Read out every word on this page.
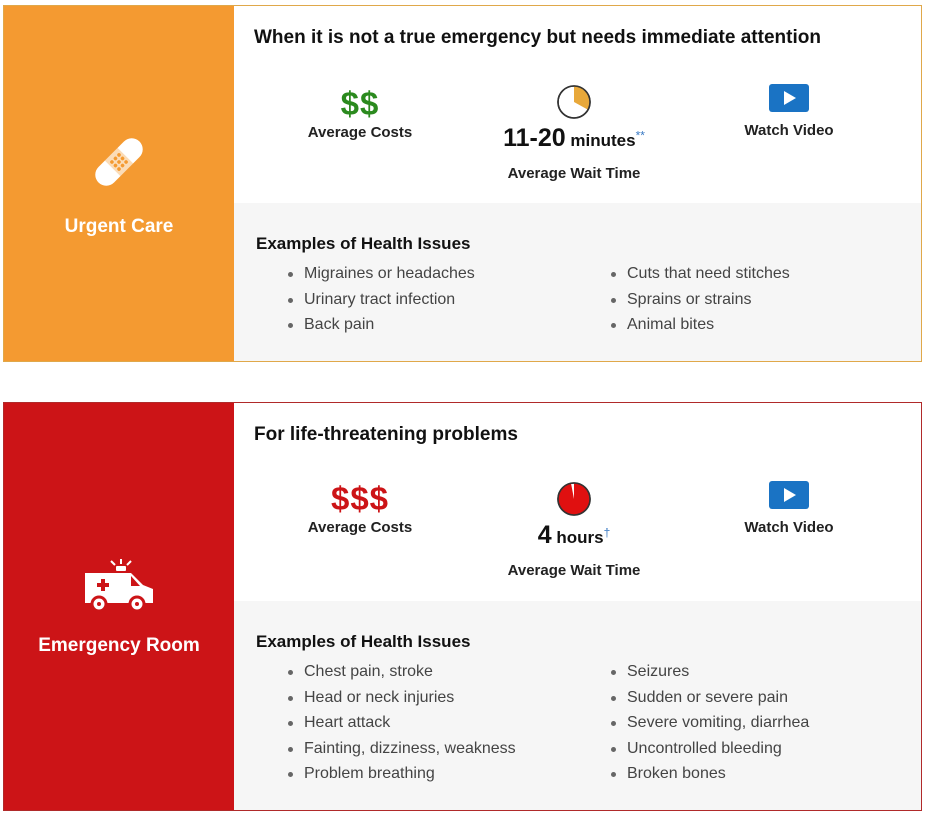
Urgent Care
When it is not a true emergency but needs immediate attention
$$
Average Costs	11-20 minutes**
Average Wait Time
Watch Video
Examples of Health Issues
Migraines or headaches
Urinary tract infection
Back pain
Cuts that need stitches
Sprains or strains
Animal bites
Emergency Room
For life-threatening problems
$$$
Average Costs	4 hours†
Average Wait Time
Watch Video
Examples of Health Issues
Chest pain, stroke
Head or neck injuries
Heart attack
Fainting, dizziness, weakness
Problem breathing
Seizures
Sudden or severe pain
Severe vomiting, diarrhea
Uncontrolled bleeding
Broken bones
